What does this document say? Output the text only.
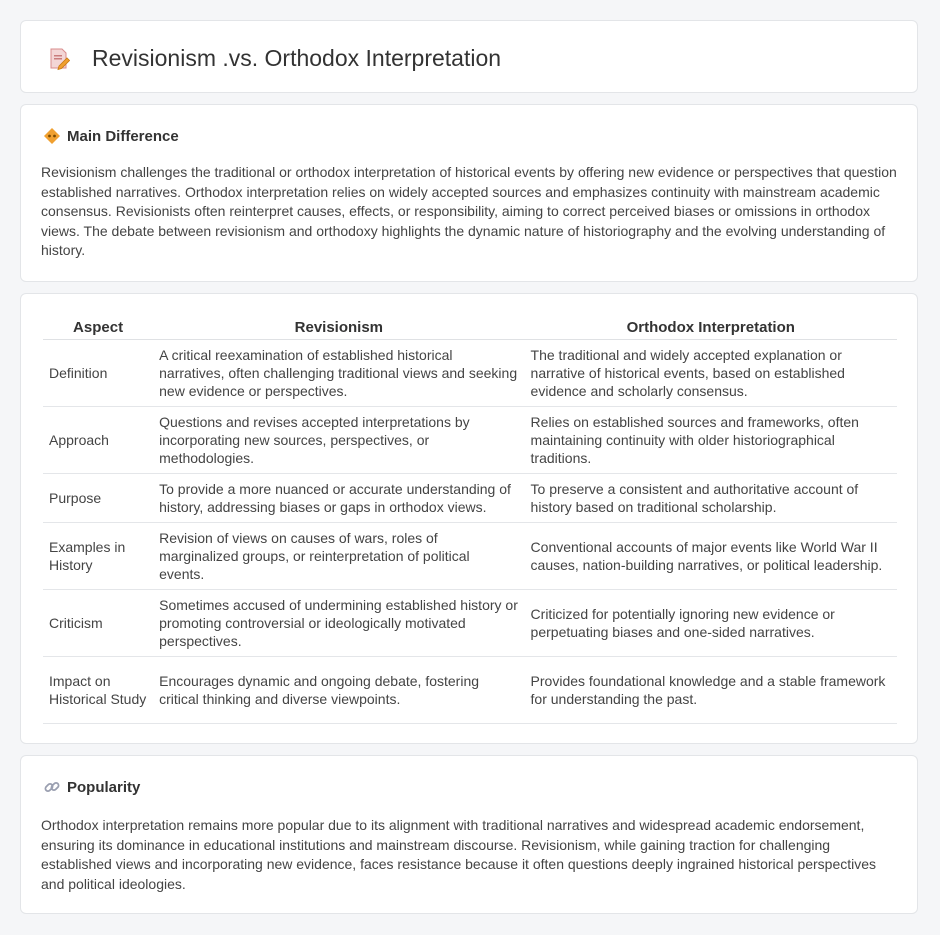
Revisionism .vs. Orthodox Interpretation
Main Difference

Revisionism challenges the traditional or orthodox interpretation of historical events by offering new evidence or perspectives that question established narratives. Orthodox interpretation relies on widely accepted sources and emphasizes continuity with mainstream academic consensus. Revisionists often reinterpret causes, effects, or responsibility, aiming to correct perceived biases or omissions in orthodox views. The debate between revisionism and orthodoxy highlights the dynamic nature of historiography and the evolving understanding of history.

Aspect	Revisionism	Orthodox Interpretation
Definition	A critical reexamination of established historical narratives, often challenging traditional views and seeking new evidence or perspectives.	The traditional and widely accepted explanation or narrative of historical events, based on established evidence and scholarly consensus.
Approach	Questions and revises accepted interpretations by incorporating new sources, perspectives, or methodologies.	Relies on established sources and frameworks, often maintaining continuity with older historiographical traditions.
Purpose	To provide a more nuanced or accurate understanding of history, addressing biases or gaps in orthodox views.	To preserve a consistent and authoritative account of history based on traditional scholarship.
Examples in History	Revision of views on causes of wars, roles of marginalized groups, or reinterpretation of political events.	Conventional accounts of major events like World War II causes, nation-building narratives, or political leadership.
Criticism	Sometimes accused of undermining established history or promoting controversial or ideologically motivated perspectives.	Criticized for potentially ignoring new evidence or perpetuating biases and one-sided narratives.
Impact on Historical Study	Encourages dynamic and ongoing debate, fostering critical thinking and diverse viewpoints.	Provides foundational knowledge and a stable framework for understanding the past.
Popularity

Orthodox interpretation remains more popular due to its alignment with traditional narratives and widespread academic endorsement, ensuring its dominance in educational institutions and mainstream discourse. Revisionism, while gaining traction for challenging established views and incorporating new evidence, faces resistance because it often questions deeply ingrained historical perspectives and political ideologies.
